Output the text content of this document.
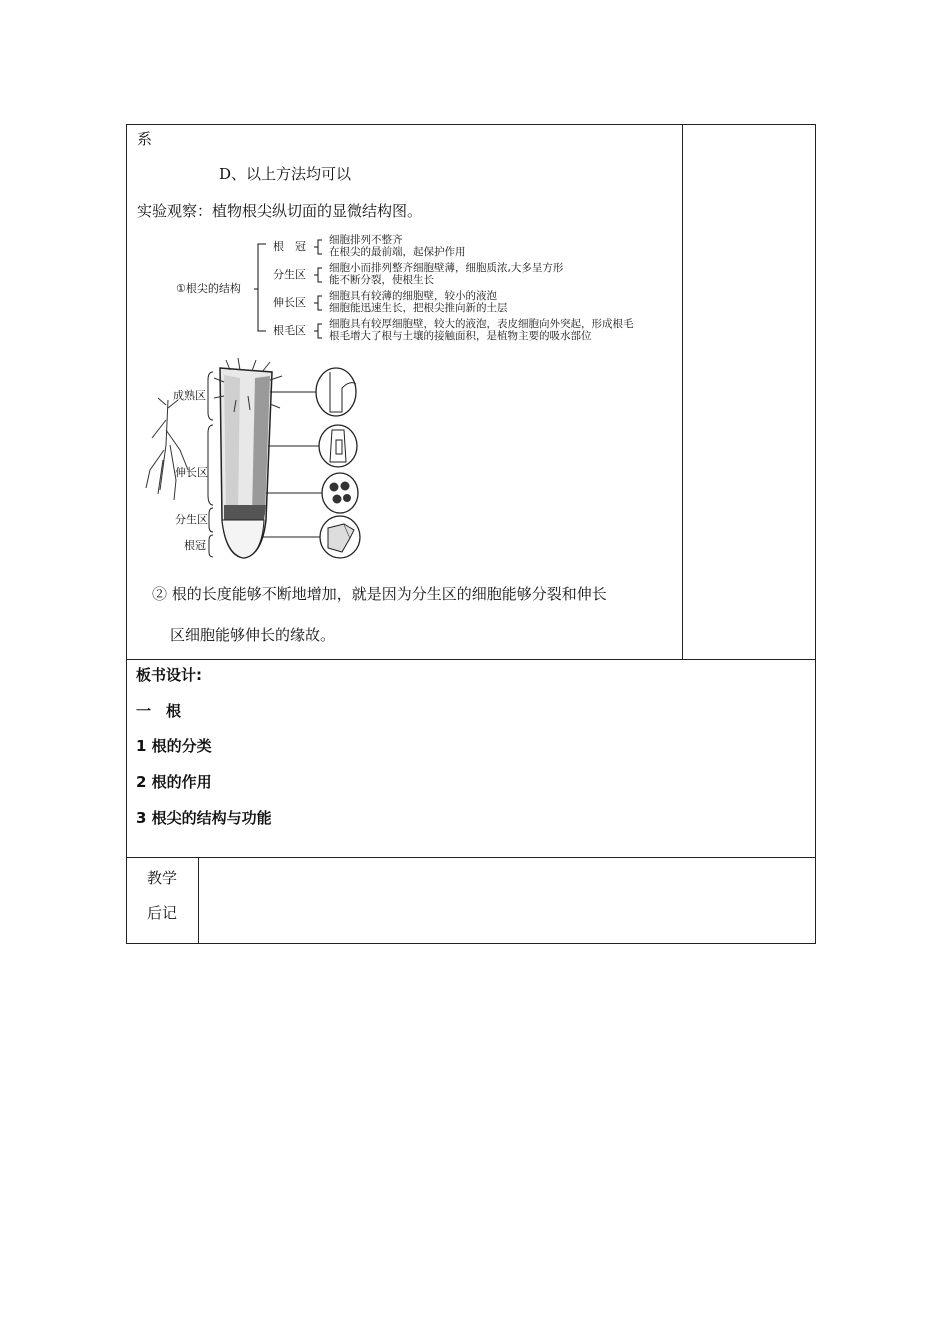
系
D、以上方法均可以
实验观察：植物根尖纵切面的显微结构图。
①根尖的结构
根　冠 细胞排列不整齐
在根尖的最前端，起保护作用
分生区 细胞小而排列整齐细胞壁薄，细胞质浓,大多呈方形
能不断分裂，使根生长
伸长区 细胞具有较薄的细胞壁，较小的液泡
细胞能迅速生长，把根尖推向新的土层
根毛区 细胞具有较厚细胞壁，较大的液泡，表皮细胞向外突起，形成根毛
根毛增大了根与土壤的接触面积，是植物主要的吸水部位
成熟区
伸长区
分生区
根冠
② 根的长度能够不断地增加，就是因为分生区的细胞能够分裂和伸长
区细胞能够伸长的缘故。
板书设计:
一　根
1 根的分类
2 根的作用
3 根尖的结构与功能
教学
后记
